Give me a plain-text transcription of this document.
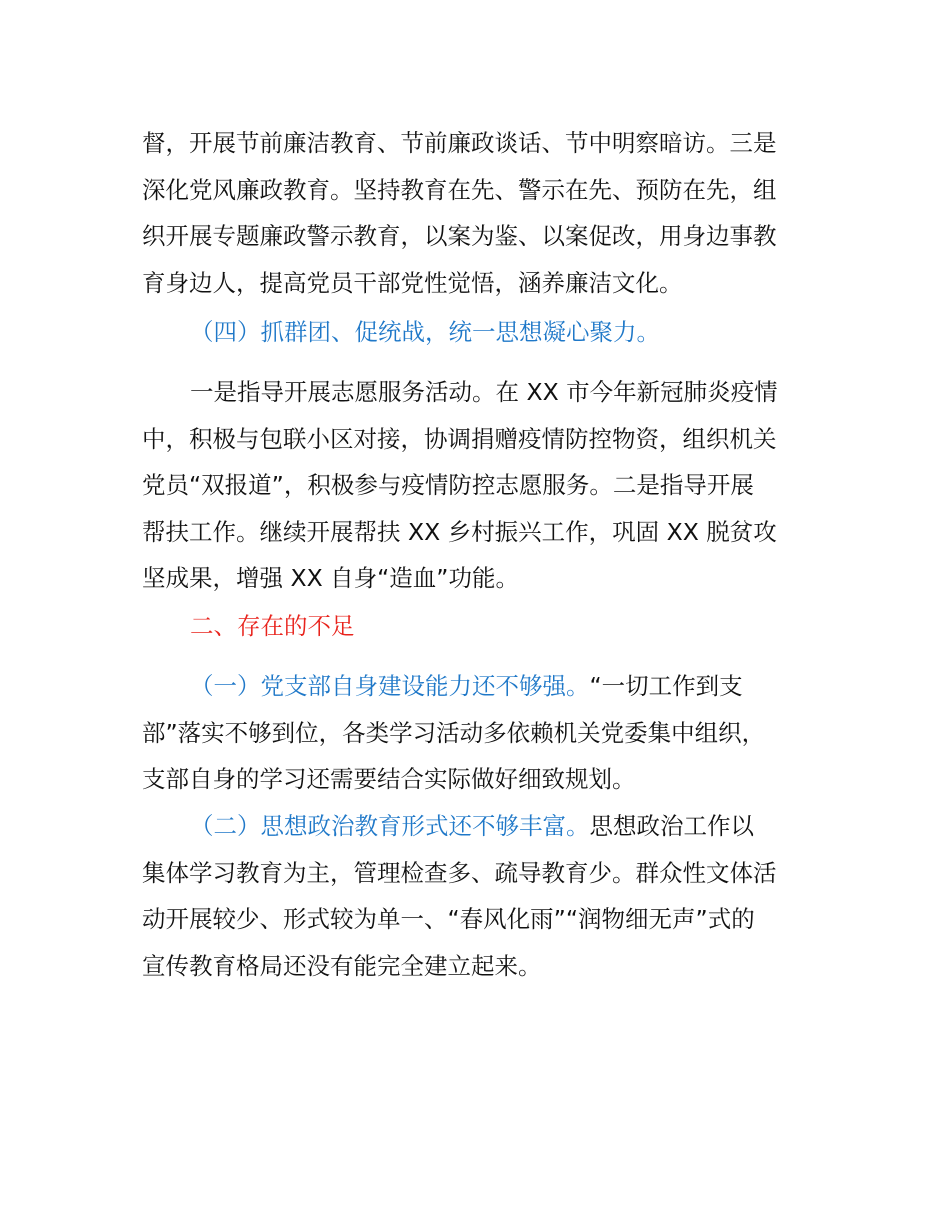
督，开展节前廉洁教育、节前廉政谈话、节中明察暗访。三是
深化党风廉政教育。坚持教育在先、警示在先、预防在先，组
织开展专题廉政警示教育，以案为鉴、以案促改，用身边事教
育身边人，提高党员干部党性觉悟，涵养廉洁文化。
（四）抓群团、促统战，统一思想凝心聚力。
一是指导开展志愿服务活动。在 XX 市今年新冠肺炎疫情
中，积极与包联小区对接，协调捐赠疫情防控物资，组织机关
党员“双报道”，积极参与疫情防控志愿服务。二是指导开展
帮扶工作。继续开展帮扶 XX 乡村振兴工作，巩固 XX 脱贫攻
坚成果，增强 XX 自身“造血”功能。
二、存在的不足
（一）党支部自身建设能力还不够强。“一切工作到支
部”落实不够到位，各类学习活动多依赖机关党委集中组织，
支部自身的学习还需要结合实际做好细致规划。
（二）思想政治教育形式还不够丰富。思想政治工作以
集体学习教育为主，管理检查多、疏导教育少。群众性文体活
动开展较少、形式较为单一、“春风化雨”“润物细无声”式的
宣传教育格局还没有能完全建立起来。
